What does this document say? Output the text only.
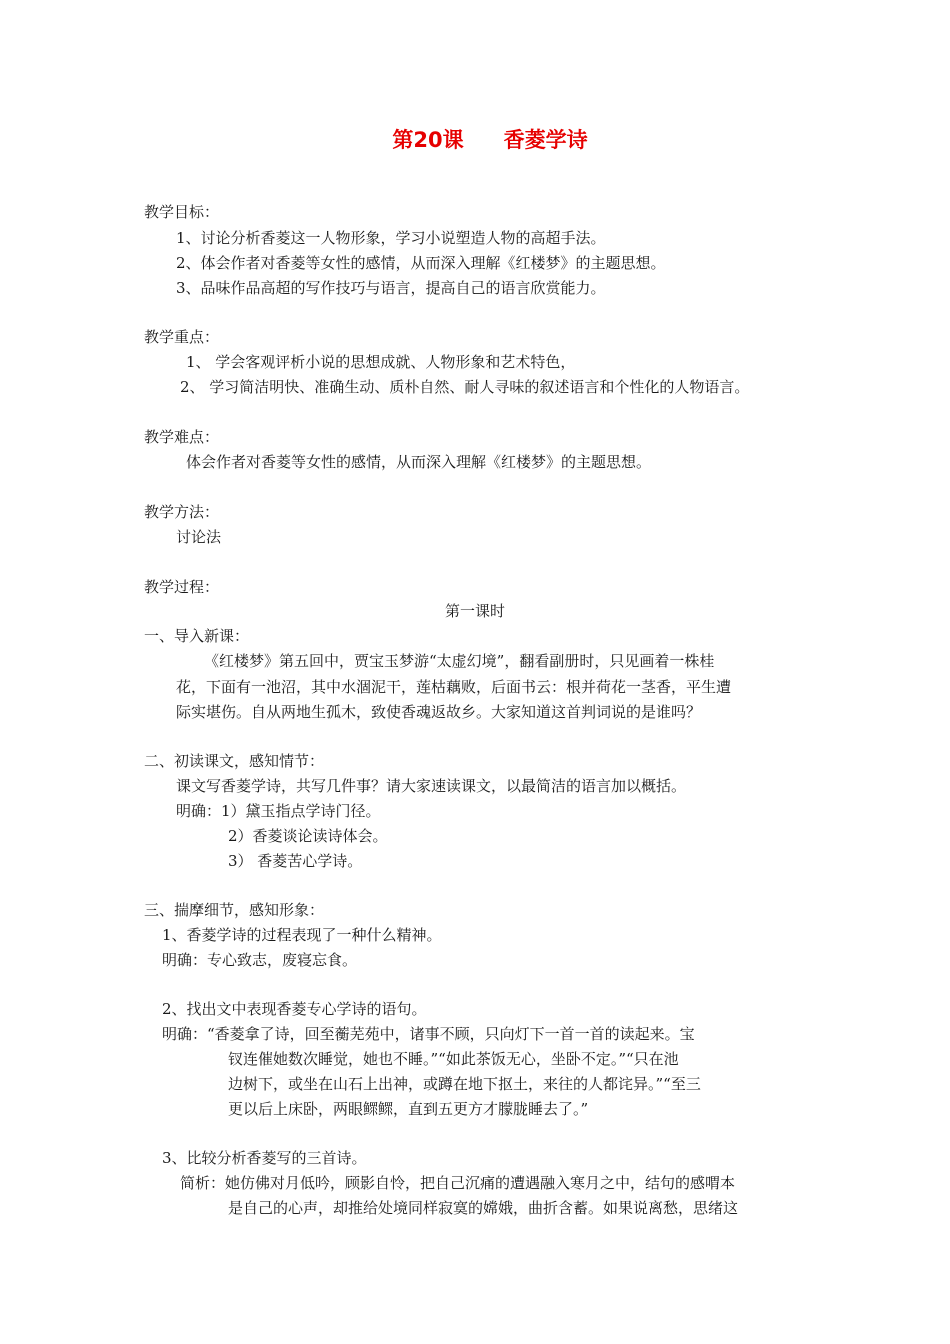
第20课 香菱学诗
教学目标：
1、讨论分析香菱这一人物形象，学习小说塑造人物的高超手法。
2、体会作者对香菱等女性的感情，从而深入理解《红楼梦》的主题思想。
3、品味作品高超的写作技巧与语言，提高自己的语言欣赏能力。
教学重点：
1、 学会客观评析小说的思想成就、人物形象和艺术特色，
2、 学习简洁明快、准确生动、质朴自然、耐人寻味的叙述语言和个性化的人物语言。
教学难点：
体会作者对香菱等女性的感情，从而深入理解《红楼梦》的主题思想。
教学方法：
讨论法
教学过程：
第一课时
一、导入新课：
《红楼梦》第五回中，贾宝玉梦游“太虚幻境”，翻看副册时，只见画着一株桂
花，下面有一池沼，其中水涸泥干，莲枯藕败，后面书云：根并荷花一茎香，平生遭
际实堪伤。自从两地生孤木，致使香魂返故乡。大家知道这首判词说的是谁吗？
二、初读课文，感知情节：
课文写香菱学诗，共写几件事？请大家速读课文，以最简洁的语言加以概括。
明确：1）黛玉指点学诗门径。
2）香菱谈论读诗体会。
3） 香菱苦心学诗。
三、揣摩细节，感知形象：
1、香菱学诗的过程表现了一种什么精神。
明确：专心致志，废寝忘食。
2、找出文中表现香菱专心学诗的语句。
明确：“香菱拿了诗，回至蘅芜苑中，诸事不顾，只向灯下一首一首的读起来。宝
钗连催她数次睡觉，她也不睡。”“如此茶饭无心，坐卧不定。”“只在池
边树下，或坐在山石上出神，或蹲在地下抠土，来往的人都诧异。”“至三
更以后上床卧，两眼鳏鳏，直到五更方才朦胧睡去了。”
3、比较分析香菱写的三首诗。
简析：她仿佛对月低吟，顾影自怜，把自己沉痛的遭遇融入寒月之中，结句的感喟本
是自己的心声，却推给处境同样寂寞的嫦娥，曲折含蓄。如果说离愁，思绪这
